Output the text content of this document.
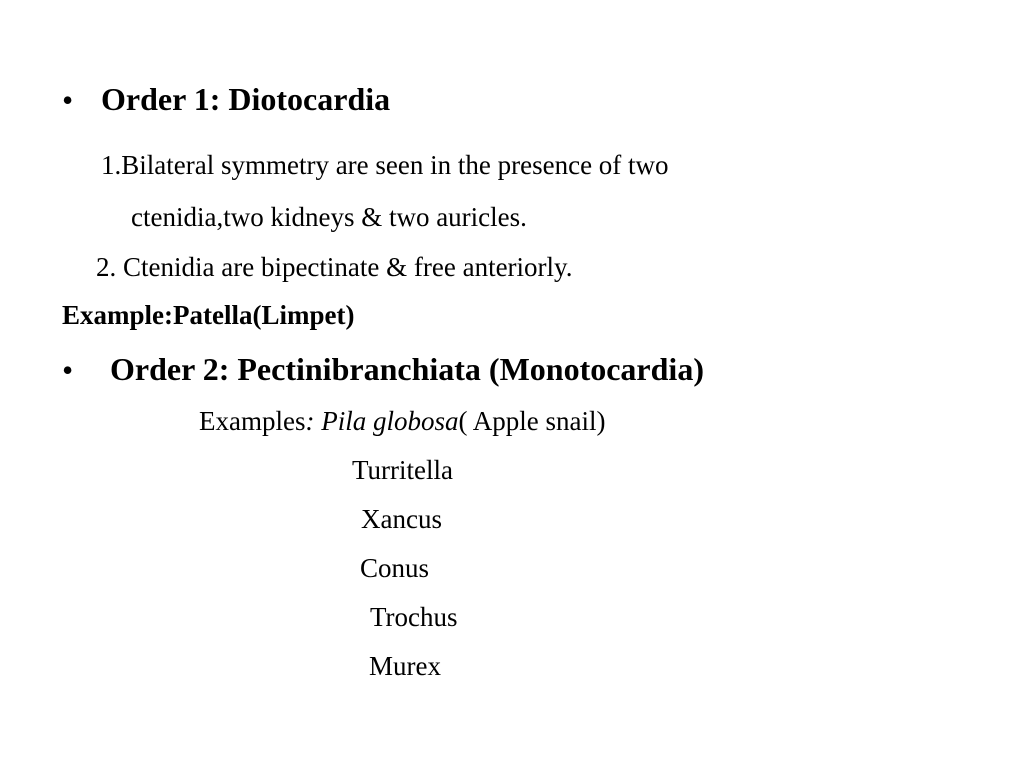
• Order 1: Diotocardia
1.Bilateral symmetry are seen in the presence of two
ctenidia,two kidneys & two auricles.
2. Ctenidia are bipectinate & free anteriorly.
Example:Patella(Limpet)
• Order 2: Pectinibranchiata (Monotocardia)
Examples: Pila globosa( Apple snail)
Turritella
Xancus
Conus
Trochus
Murex
